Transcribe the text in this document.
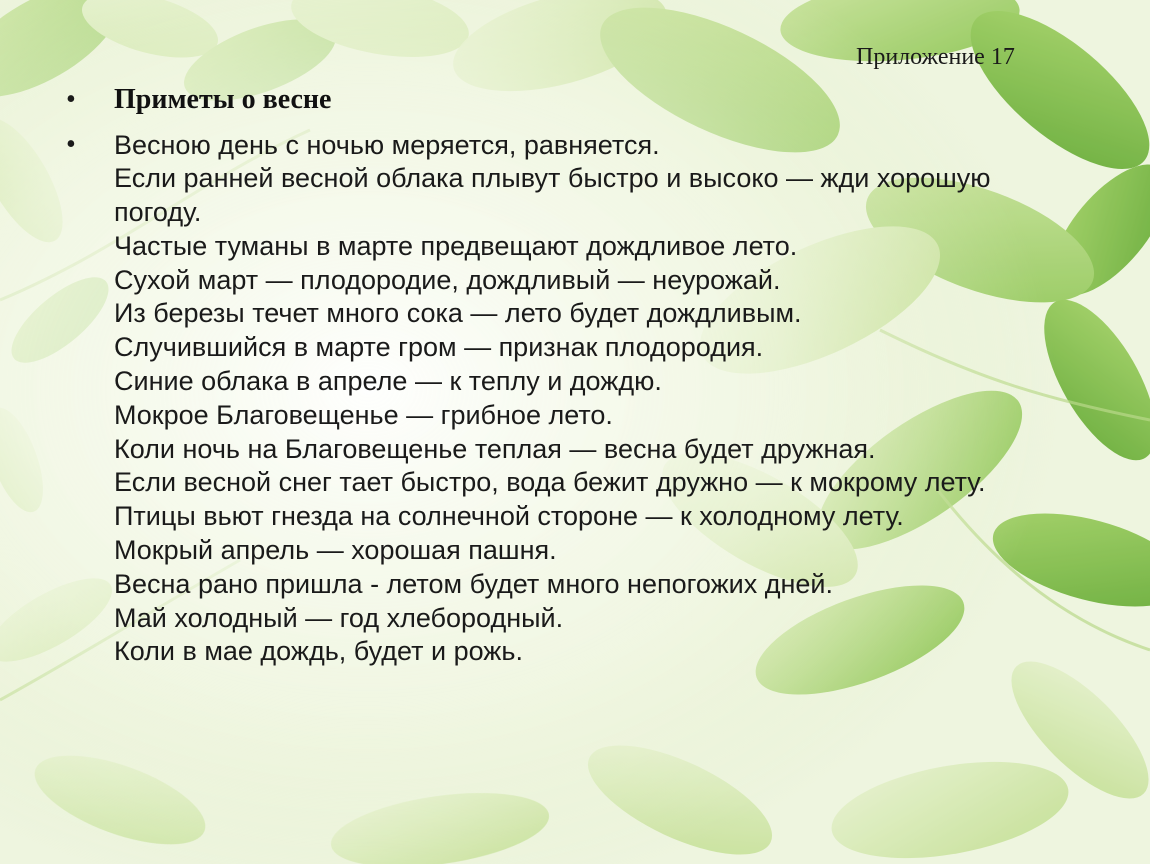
Приложение 17
•	Приметы о весне
•	Весною день с ночью меряется, равняется.
Если ранней весной облака плывут быстро и высоко — жди хорошую погоду.
Частые туманы в марте предвещают дождливое лето.
Сухой март — плодородие, дождливый — неурожай.
Из березы течет много сока — лето будет дождливым.
Случившийся в марте гром — признак плодородия.
Синие облака в апреле — к теплу и дождю.
Мокрое Благовещенье — грибное лето.
Коли ночь на Благовещенье теплая — весна будет дружная.
Если весной снег тает быстро, вода бежит дружно — к мокрому лету.
Птицы вьют гнезда на солнечной стороне — к холодному лету.
Мокрый апрель — хорошая пашня.
Весна рано пришла - летом будет много непогожих дней.
Май холодный — год хлебородный.
Коли в мае дождь, будет и рожь.
